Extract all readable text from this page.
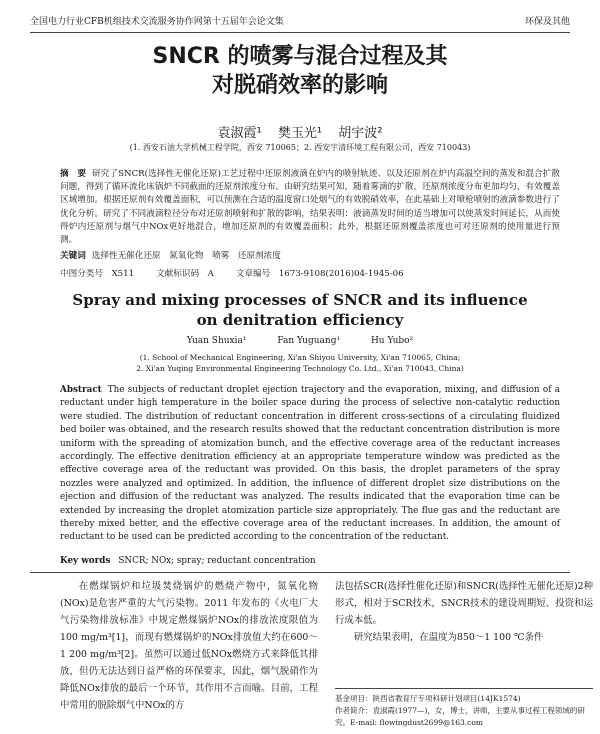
全国电力行业CFB机组技术交流服务协作网第十五届年会论文集	环保及其他
SNCR 的喷雾与混合过程及其
对脱硝效率的影响
袁淑霞¹ 樊玉光¹ 胡宇波²
(1. 西安石油大学机械工程学院，西安 710065；2. 西安宇清环境工程有限公司，西安 710043)
摘　要 研究了SNCR(选择性无催化还原)工艺过程中还原剂液滴在炉内的喷射轨迹、以及还原剂在炉内高温空间的蒸发和混合扩散问题，得到了循环流化床锅炉不同截面的还原剂浓度分布。由研究结果可知，随着雾滴的扩散，还原剂浓度分布更加均匀，有效覆盖区域增加。根据还原剂有效覆盖面积，可以预测在合适的温度窗口处烟气的有效脱硝效率，在此基础上对喷枪喷射的液滴参数进行了优化分析。研究了不同液滴粒径分布对还原剂喷射和扩散的影响，结果表明：液滴蒸发时间的适当增加可以使蒸发时间延长，从而使得炉内还原剂与烟气中NOx更好地混合，增加还原剂的有效覆盖面积；此外，根据还原剂覆盖浓度也可对还原剂的使用量进行预测。
关键词 选择性无催化还原　氮氧化物　喷雾　还原剂浓度
中图分类号　X511	文献标识码　A	文章编号　1673-9108(2016)04-1945-06
Spray and mixing processes of SNCR and its influence
on denitration efficiency
Yuan Shuxia¹	Fan Yuguang¹	Hu Yubo²
(1. School of Mechanical Engineering, Xi'an Shiyou University, Xi'an 710065, China;
2. Xi'an Yuqing Environmental Engineering Technology Co. Ltd., Xi'an 710043, China)
Abstract The subjects of reductant droplet ejection trajectory and the evaporation, mixing, and diffusion of a reductant under high temperature in the boiler space during the process of selective non-catalytic reduction were studied. The distribution of reductant concentration in different cross-sections of a circulating fluidized bed boiler was obtained, and the research results showed that the reductant concentration distribution is more uniform with the spreading of atomization bunch, and the effective coverage area of the reductant increases accordingly. The effective denitration efficiency at an appropriate temperature window was predicted as the effective coverage area of the reductant was provided. On this basis, the droplet parameters of the spray nozzles were analyzed and optimized. In addition, the influence of different droplet size distributions on the ejection and diffusion of the reductant was analyzed. The results indicated that the evaporation time can be extended by increasing the droplet atomization particle size appropriately. The flue gas and the reductant are thereby mixed better, and the effective coverage area of the reductant increases. In addition, the amount of reductant to be used can be predicted according to the concentration of the reductant.
Key words SNCR; NOx; spray; reductant concentration

在燃煤锅炉和垃圾焚烧锅炉的燃烧产物中，氮氧化物(NOx)是危害严重的大气污染物。2011 年发布的《火电厂大气污染物排放标准》中规定燃煤锅炉NOx的排放浓度限值为100 mg/m³[1]，而现有燃煤锅炉的NOx排放值大约在600～1 200 mg/m³[2]。虽然可以通过低NOx燃烧方式来降低其排放，但仍无法达到日益严格的环保要求，因此，烟气脱硝作为降低NOx排放的最后一个环节，其作用不言而喻。目前，工程中常用的脱除烟气中NOx的方

法包括SCR(选择性催化还原)和SNCR(选择性无催化还原)2种形式，相对于SCR技术，SNCR技术的建设周期短、投资和运行成本低。

研究结果表明，在温度为850～1 100 ℃条件

基金项目：陕西省教育厅专项科研计划项目(14JK1574)
作者简介：袁淑霞(1977—)，女，博士，讲师，主要从事过程工程领域的研究。E-mail: flowingdust2699@163.com
